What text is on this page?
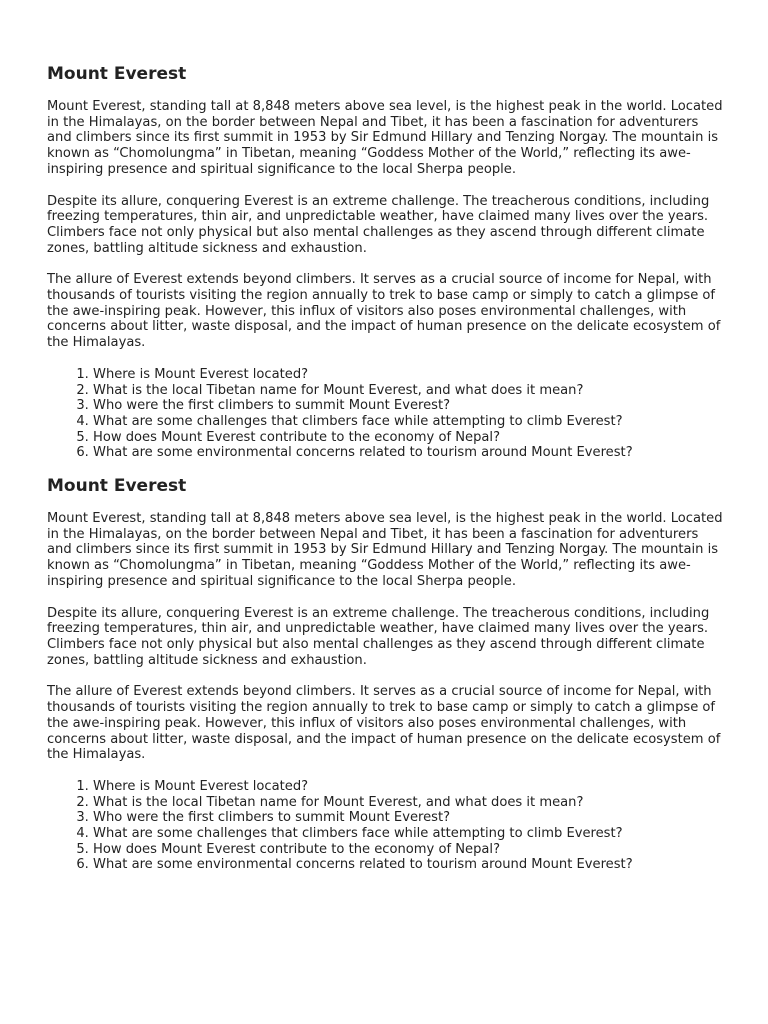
Mount Everest

Mount Everest, standing tall at 8,848 meters above sea level, is the highest peak in the world. Located in the Himalayas, on the border between Nepal and Tibet, it has been a fascination for adventurers and climbers since its first summit in 1953 by Sir Edmund Hillary and Tenzing Norgay. The mountain is known as “Chomolungma” in Tibetan, meaning “Goddess Mother of the World,” reflecting its awe-inspiring presence and spiritual significance to the local Sherpa people.

Despite its allure, conquering Everest is an extreme challenge. The treacherous conditions, including freezing temperatures, thin air, and unpredictable weather, have claimed many lives over the years. Climbers face not only physical but also mental challenges as they ascend through different climate zones, battling altitude sickness and exhaustion.

The allure of Everest extends beyond climbers. It serves as a crucial source of income for Nepal, with thousands of tourists visiting the region annually to trek to base camp or simply to catch a glimpse of the awe-inspiring peak. However, this influx of visitors also poses environmental challenges, with concerns about litter, waste disposal, and the impact of human presence on the delicate ecosystem of the Himalayas.

1. Where is Mount Everest located?
2. What is the local Tibetan name for Mount Everest, and what does it mean?
3. Who were the first climbers to summit Mount Everest?
4. What are some challenges that climbers face while attempting to climb Everest?
5. How does Mount Everest contribute to the economy of Nepal?
6. What are some environmental concerns related to tourism around Mount Everest?
Mount Everest

Mount Everest, standing tall at 8,848 meters above sea level, is the highest peak in the world. Located in the Himalayas, on the border between Nepal and Tibet, it has been a fascination for adventurers and climbers since its first summit in 1953 by Sir Edmund Hillary and Tenzing Norgay. The mountain is known as “Chomolungma” in Tibetan, meaning “Goddess Mother of the World,” reflecting its awe-inspiring presence and spiritual significance to the local Sherpa people.

Despite its allure, conquering Everest is an extreme challenge. The treacherous conditions, including freezing temperatures, thin air, and unpredictable weather, have claimed many lives over the years. Climbers face not only physical but also mental challenges as they ascend through different climate zones, battling altitude sickness and exhaustion.

The allure of Everest extends beyond climbers. It serves as a crucial source of income for Nepal, with thousands of tourists visiting the region annually to trek to base camp or simply to catch a glimpse of the awe-inspiring peak. However, this influx of visitors also poses environmental challenges, with concerns about litter, waste disposal, and the impact of human presence on the delicate ecosystem of the Himalayas.

1. Where is Mount Everest located?
2. What is the local Tibetan name for Mount Everest, and what does it mean?
3. Who were the first climbers to summit Mount Everest?
4. What are some challenges that climbers face while attempting to climb Everest?
5. How does Mount Everest contribute to the economy of Nepal?
6. What are some environmental concerns related to tourism around Mount Everest?
